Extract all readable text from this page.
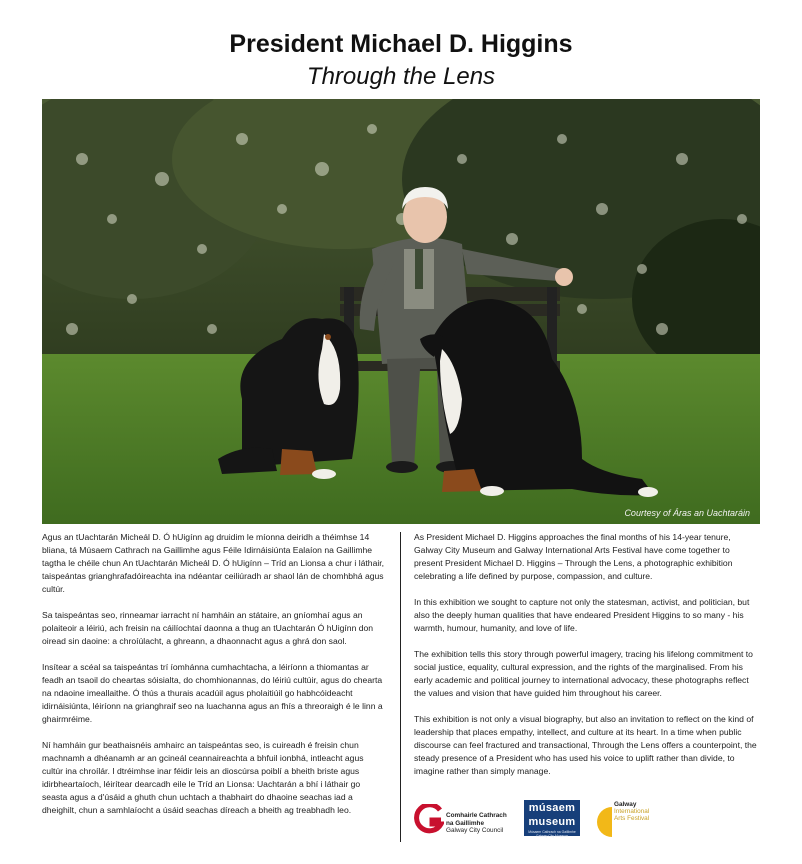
President Michael D. Higgins
Through the Lens
Courtesy of Áras an Uachtaráin

Agus an tUachtarán Micheál D. Ó hUigínn ag druidim le míonna deiridh a théimhse 14 bliana, tá Músaem Cathrach na Gaillimhe agus Féile Idirnáisiúnta Ealaíon na Gaillimhe tagtha le chéile chun An tUachtarán Micheál D. Ó hUigínn – Tríd an Lionsa a chur i láthair, taispeántas grianghrafadóireachta ina ndéantar ceiliúradh ar shaol lán de chomhbhá agus cultúr.

Sa taispeántas seo, rinneamar iarracht ní hamháin an státaire, an gníomhaí agus an polaiteoir a léiriú, ach freisin na cáilíochtaí daonna a thug an tUachtarán Ó hUigínn don oiread sin daoine: a chroíúlacht, a ghreann, a dhaonnacht agus a ghrá don saol.

Insítear a scéal sa taispeántas trí íomhánna cumhachtacha, a léiríonn a thiomantas ar feadh an tsaoil do cheartas sóisialta, do chomhionannas, do léiriú cultúir, agus do chearta na ndaoine imeallaithe. Ó thús a thurais acadúil agus pholaitiúil go habhcóideacht idirnáisiúnta, léiríonn na grianghraif seo na luachanna agus an fhís a threoraigh é le linn a ghairmréime.

Ní hamháin gur beathaisnéis amhairc an taispeántas seo, is cuireadh é freisin chun machnamh a dhéanamh ar an gcineál ceannaireachta a bhfuil ionbhá, intleacht agus cultúr ina chroílár. I dtréimhse inar féidir leis an dioscúrsa poiblí a bheith briste agus idirbheartaíoch, léirítear dearcadh eile le Tríd an Lionsa: Uachtarán a bhí i láthair go seasta agus a d'úsáid a ghuth chun uchtach a thabhairt do dhaoine seachas iad a dheighilt, chun a samhlaíocht a úsáid seachas díreach a bheith ag treabhadh leo.

As President Michael D. Higgins approaches the final months of his 14-year tenure, Galway City Museum and Galway International Arts Festival have come together to present President Michael D. Higgins – Through the Lens, a photographic exhibition celebrating a life defined by purpose, compassion, and culture.

In this exhibition we sought to capture not only the statesman, activist, and politician, but also the deeply human qualities that have endeared President Higgins to so many - his warmth, humour, humanity, and love of life.

The exhibition tells this story through powerful imagery, tracing his lifelong commitment to social justice, equality, cultural expression, and the rights of the marginalised. From his early academic and political journey to international advocacy, these photographs reflect the values and vision that have guided him throughout his career.

This exhibition is not only a visual biography, but also an invitation to reflect on the kind of leadership that places empathy, intellect, and culture at its heart. In a time when public discourse can feel fractured and transactional, Through the Lens offers a counterpoint, the steady presence of a President who has used his voice to uplift rather than divide, to imagine rather than simply manage.

Comhairle Cathrach
na Gaillimhe
Galway City Council
músaem
museum
Músaem Cathrach na Gaillimhe Galway City Museum
Galway
International
Arts Festival
